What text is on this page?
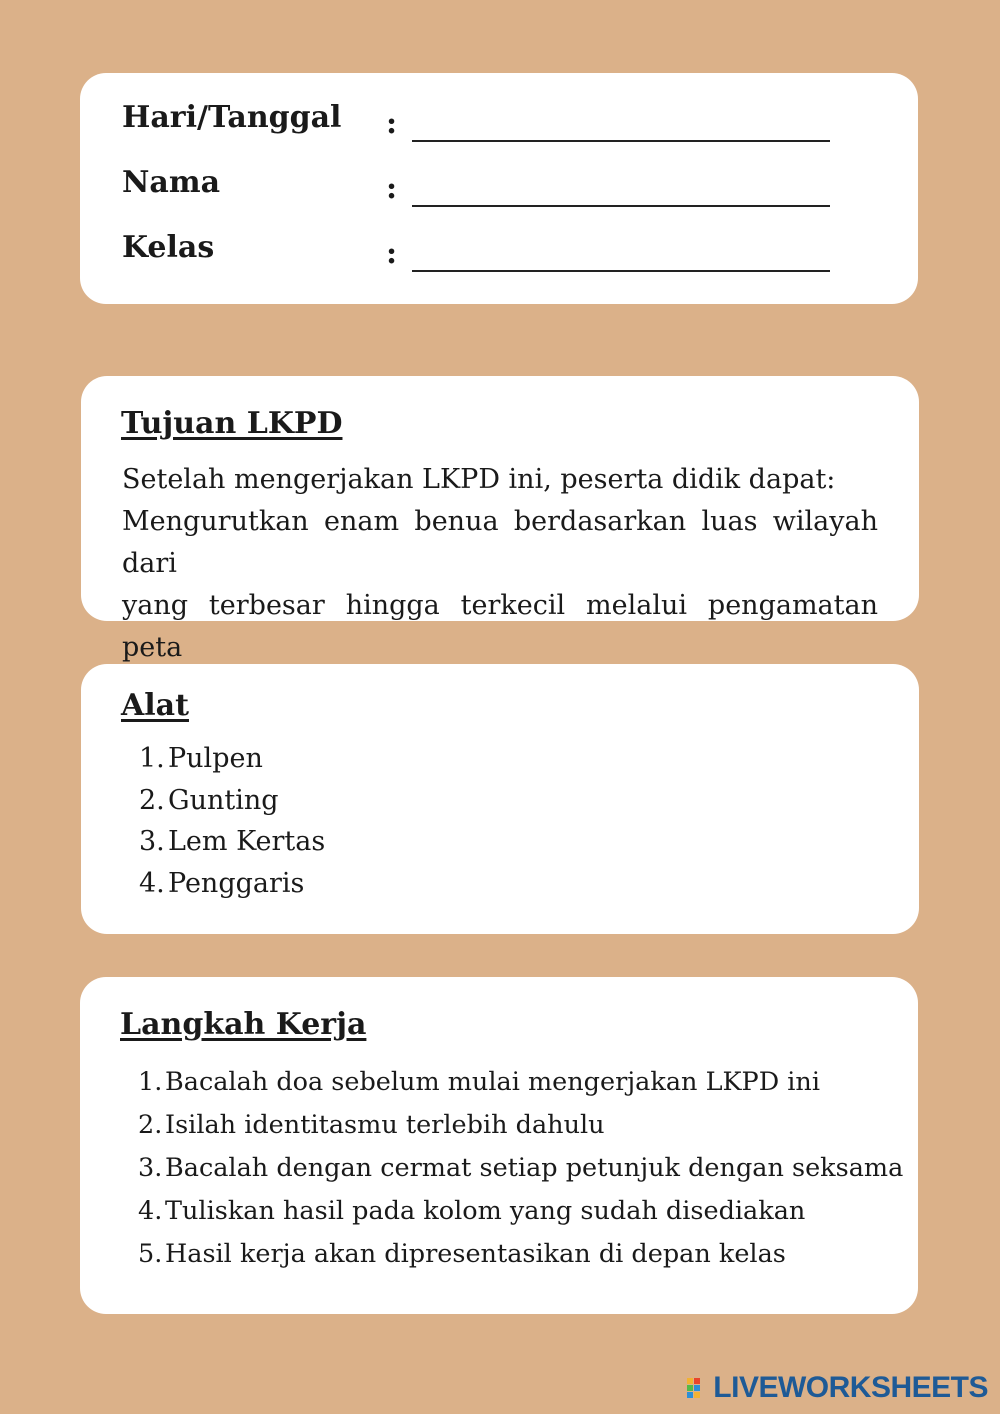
Hari/Tanggal :
Nama	:
Kelas	:
Tujuan LKPD
Setelah mengerjakan LKPD ini, peserta didik dapat:
Mengurutkan enam benua berdasarkan luas wilayah dari
yang terbesar hingga terkecil melalui pengamatan peta
Alat
1. Pulpen
2. Gunting
3. Lem Kertas
4. Penggaris
Langkah Kerja
1. Bacalah doa sebelum mulai mengerjakan LKPD ini
2. Isilah identitasmu terlebih dahulu
3. Bacalah dengan cermat setiap petunjuk dengan seksama
4. Tuliskan hasil pada kolom yang sudah disediakan
5. Hasil kerja akan dipresentasikan di depan kelas
LIVEWORKSHEETS
